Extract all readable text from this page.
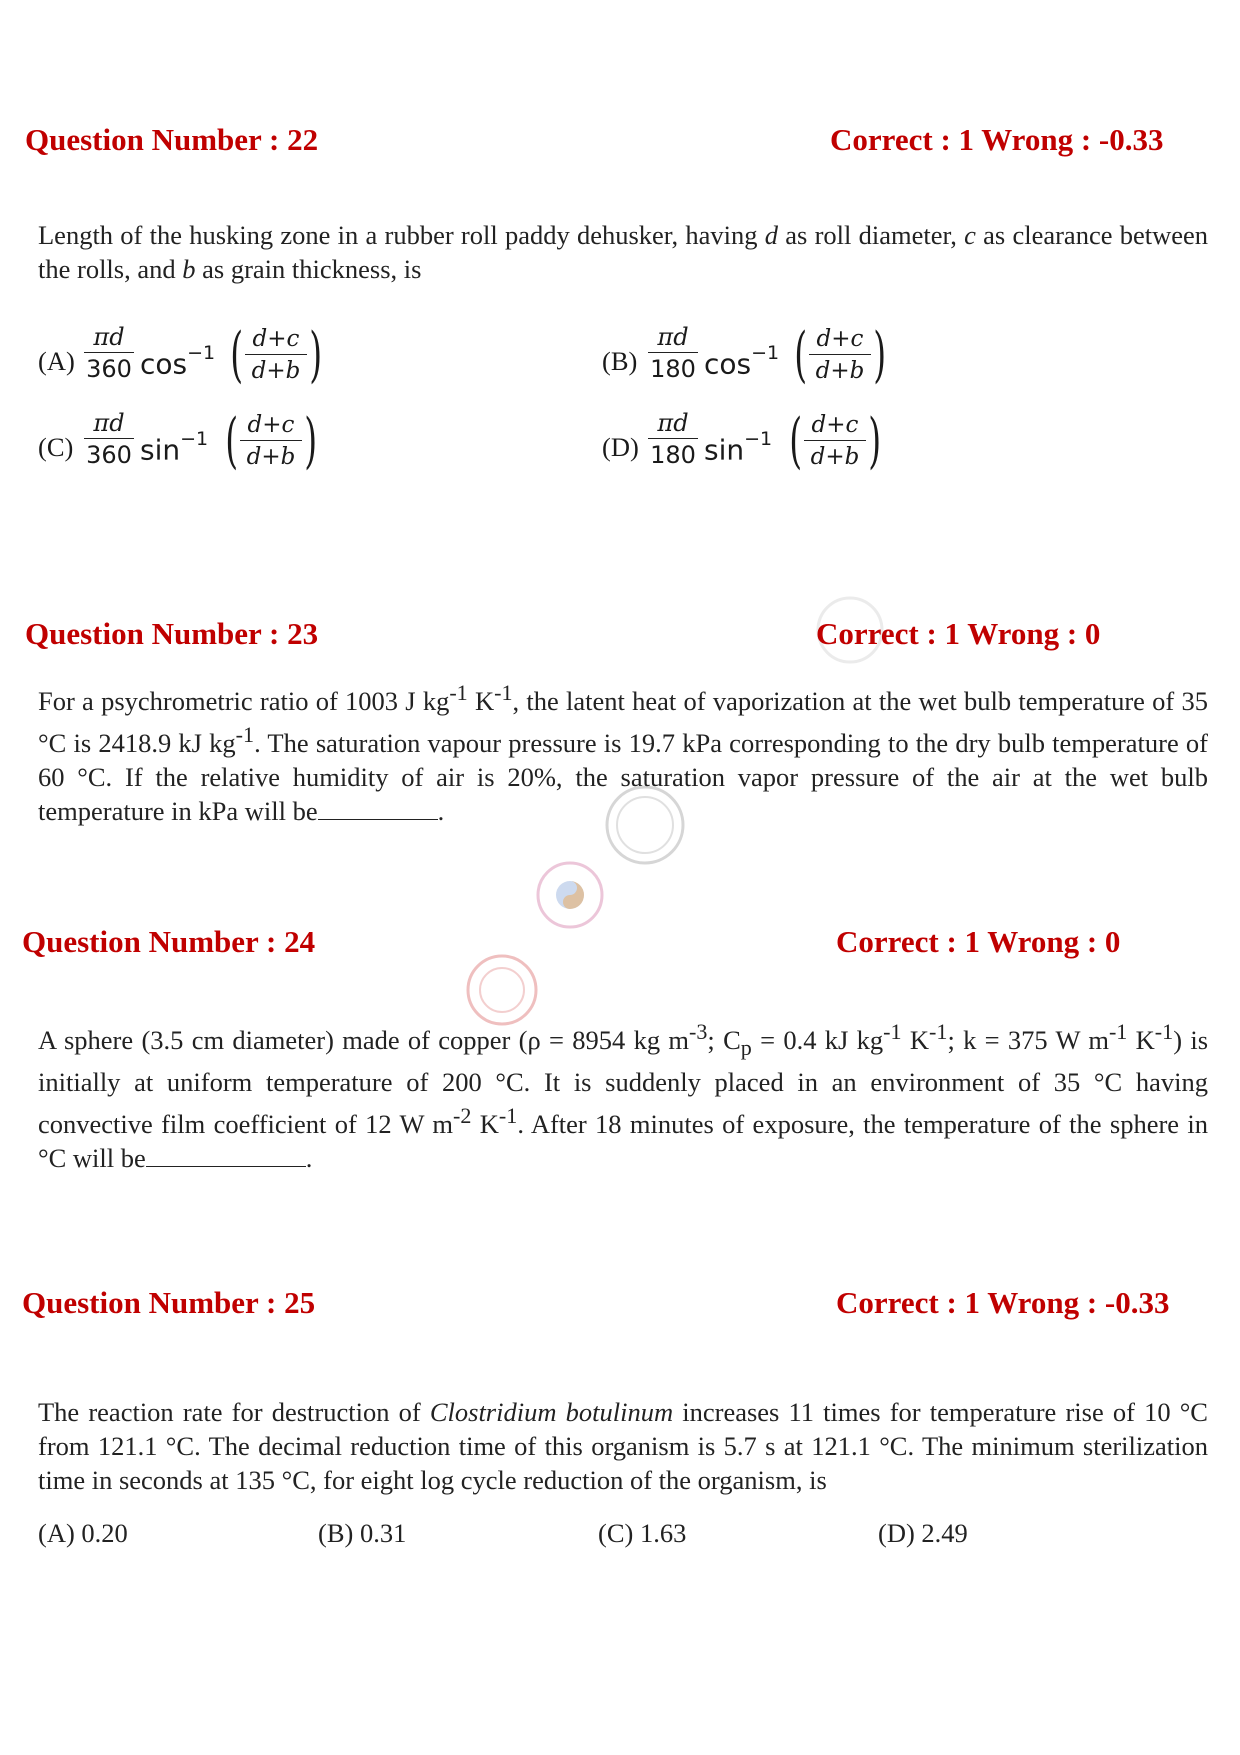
Question Number : 22	Correct : 1 Wrong : -0.33
Length of the husking zone in a rubber roll paddy dehusker, having d as roll diameter, c as clearance between the rolls, and b as grain thickness, is
$(A) \frac{\pi d}{360} \cos^{-1}$ ( d+c
d+b )	$(B) \frac{\pi d}{180} \cos^{-1}$ ( d+c
d+b )
$(C) \frac{\pi d}{360} \sin^{-1}$ ( d+c
d+b )	$(D) \frac{\pi d}{180} \sin^{-1}$ ( d+c
d+b )
Question Number : 23	Correct : 1 Wrong : 0
For a psychrometric ratio of 1003 J $kg^{-1}$ $K^{-1}$, the latent heat of vaporization at the wet bulb temperature of 35 °C is 2418.9 kJ $kg^{-1}$. The saturation vapour pressure is 19.7 kPa corresponding to the dry bulb temperature of 60 °C. If the relative humidity of air is 20%, the saturation vapor pressure of the air at the wet bulb temperature in kPa will be	.
Question Number : 24	Correct : 1 Wrong : 0
A sphere (3.5 cm diameter) made of copper (ρ = 8954 kg $m^{-3}$; $C_p = 0.4$ kJ $kg^{-1}$ $K^{-1}$; k = 375 W $m^{-1}$ $K^{-1}$) is initially at uniform temperature of 200 °C. It is suddenly placed in an environment of 35 °C having convective film coefficient of 12 W $m^{-2}$ $K^{-1}$. After 18 minutes of exposure, the temperature of the sphere in °C will be	.
Question Number : 25	Correct : 1 Wrong : -0.33
The reaction rate for destruction of Clostridium botulinum increases 11 times for temperature rise of 10 °C from 121.1 °C. The decimal reduction time of this organism is 5.7 s at 121.1 °C. The minimum sterilization time in seconds at 135 °C, for eight log cycle reduction of the organism, is
(A) 0.20	(B) 0.31	(C) 1.63	(D) 2.49
